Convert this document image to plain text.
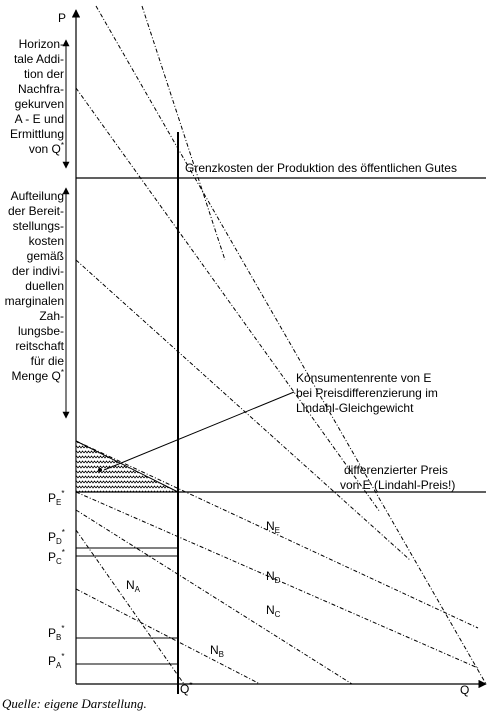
P
Q
Horizon-
tale Addi-
tion der
Nachfra-
gekurven
A - E und
Ermittlung
von Q*
Aufteilung
der Bereit-
stellungs-
kosten
gemäß
der indivi-
duellen
marginalen
Zah-
lungsbe-
reitschaft
für die
Menge Q*
Q*
$P_E^*$
$P_D^*$
$P_C^*$
$P_B^*$
$P_A^*$
$N_E$
$N_D$
$N_C$
$N_A$
$N_B$
Grenzkosten der Produktion des öffentlichen Gutes
Konsumentenrente von E
bei Preisdifferenzierung im
Lindahl-Gleichgewicht
differenzierter Preis
von E (Lindahl-Preis!)
Quelle: eigene Darstellung.
